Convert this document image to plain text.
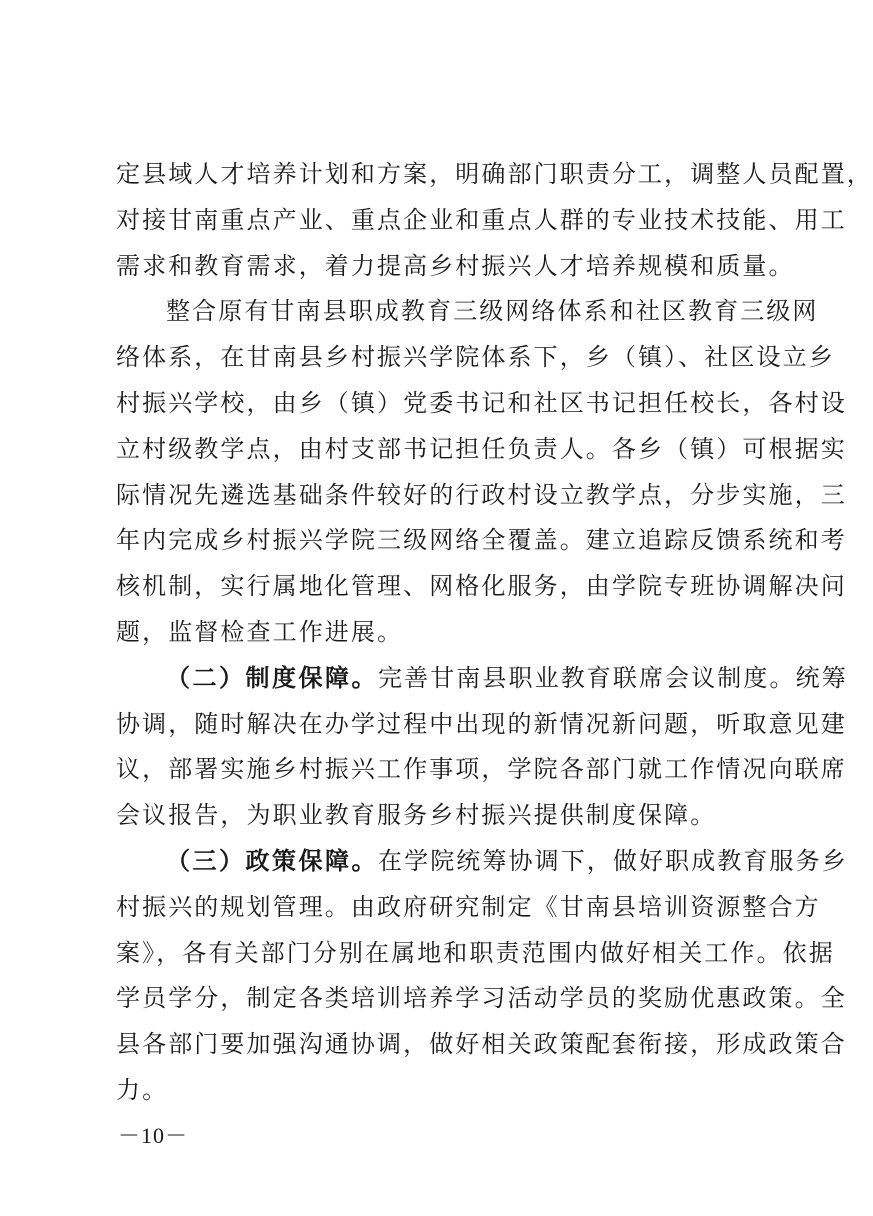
定县域人才培养计划和方案，明确部门职责分工，调整人员配置，
对接甘南重点产业、重点企业和重点人群的专业技术技能、用工
需求和教育需求，着力提高乡村振兴人才培养规模和质量。
整合原有甘南县职成教育三级网络体系和社区教育三级网
络体系，在甘南县乡村振兴学院体系下，乡（镇）、社区设立乡
村振兴学校，由乡（镇）党委书记和社区书记担任校长，各村设
立村级教学点，由村支部书记担任负责人。各乡（镇）可根据实
际情况先遴选基础条件较好的行政村设立教学点，分步实施，三
年内完成乡村振兴学院三级网络全覆盖。建立追踪反馈系统和考
核机制，实行属地化管理、网格化服务，由学院专班协调解决问
题，监督检查工作进展。
（二）制度保障。完善甘南县职业教育联席会议制度。统筹
协调，随时解决在办学过程中出现的新情况新问题，听取意见建
议，部署实施乡村振兴工作事项，学院各部门就工作情况向联席
会议报告，为职业教育服务乡村振兴提供制度保障。
（三）政策保障。在学院统筹协调下，做好职成教育服务乡
村振兴的规划管理。由政府研究制定《甘南县培训资源整合方
案》，各有关部门分别在属地和职责范围内做好相关工作。依据
学员学分，制定各类培训培养学习活动学员的奖励优惠政策。全
县各部门要加强沟通协调，做好相关政策配套衔接，形成政策合
力。
－10－
